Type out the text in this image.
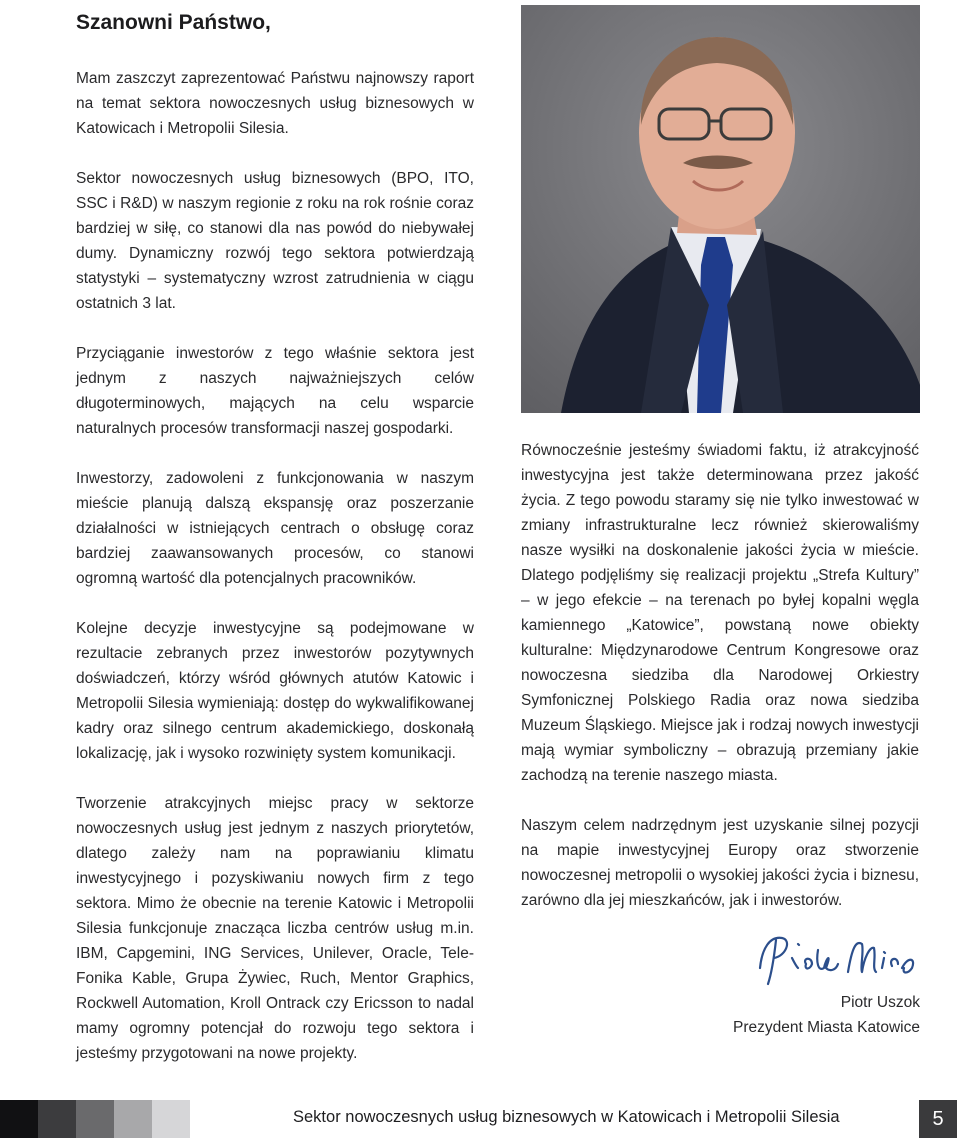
Szanowni Państwo,

Mam zaszczyt zaprezentować Państwu najnowszy raport na temat sektora nowoczesnych usług biznesowych w Katowicach i Metropolii Silesia.

Sektor nowoczesnych usług biznesowych (BPO, ITO, SSC i R&D) w naszym regionie z roku na rok rośnie coraz bardziej w siłę, co stanowi dla nas powód do niebywałej dumy. Dynamiczny rozwój tego sektora potwierdzają statystyki – systematyczny wzrost zatrudnienia w ciągu ostatnich 3 lat.

Przyciąganie inwestorów z tego właśnie sektora jest jednym z naszych najważniejszych celów długoterminowych, mających na celu wsparcie naturalnych procesów transformacji naszej gospodarki.

Inwestorzy, zadowoleni z funkcjonowania w naszym mieście planują dalszą ekspansję oraz poszerzanie działalności w istniejących centrach o obsługę coraz bardziej zaawansowanych procesów, co stanowi ogromną wartość dla potencjalnych pracowników.

Kolejne decyzje inwestycyjne są podejmowane w rezultacie zebranych przez inwestorów pozytywnych doświadczeń, którzy wśród głównych atutów Katowic i Metropolii Silesia wymieniają: dostęp do wykwalifikowanej kadry oraz silnego centrum akademickiego, doskonałą lokalizację, jak i wysoko rozwinięty system komunikacji.

Tworzenie atrakcyjnych miejsc pracy w sektorze nowoczesnych usług jest jednym z naszych priorytetów, dlatego zależy nam na poprawianiu klimatu inwestycyjnego i pozyskiwaniu nowych firm z tego sektora. Mimo że obecnie na terenie Katowic i Metropolii Silesia funkcjonuje znacząca liczba centrów usług m.in. IBM, Capgemini, ING Services, Unilever, Oracle, Tele-Fonika Kable, Grupa Żywiec, Ruch, Mentor Graphics, Rockwell Automation, Kroll Ontrack czy Ericsson to nadal mamy ogromny potencjał do rozwoju tego sektora i jesteśmy przygotowani na nowe projekty.

Równocześnie jesteśmy świadomi faktu, iż atrakcyjność inwestycyjna jest także determinowana przez jakość życia. Z tego powodu staramy się nie tylko inwestować w zmiany infrastrukturalne lecz również skierowaliśmy nasze wysiłki na doskonalenie jakości życia w mieście. Dlatego podjęliśmy się realizacji projektu „Strefa Kultury” – w jego efekcie – na terenach po byłej kopalni węgla kamiennego „Katowice”, powstaną nowe obiekty kulturalne: Międzynarodowe Centrum Kongresowe oraz nowoczesna siedziba dla Narodowej Orkiestry Symfonicznej Polskiego Radia oraz nowa siedziba Muzeum Śląskiego. Miejsce jak i rodzaj nowych inwestycji mają wymiar symboliczny – obrazują przemiany jakie zachodzą na terenie naszego miasta.

Naszym celem nadrzędnym jest uzyskanie silnej pozycji na mapie inwestycyjnej Europy oraz stworzenie nowoczesnej metropolii o wysokiej jakości życia i biznesu, zarówno dla jej mieszkańców, jak i inwestorów.

Piotr Uszok
Prezydent Miasta Katowice
Sektor nowoczesnych usług biznesowych w Katowicach i Metropolii Silesia	5
